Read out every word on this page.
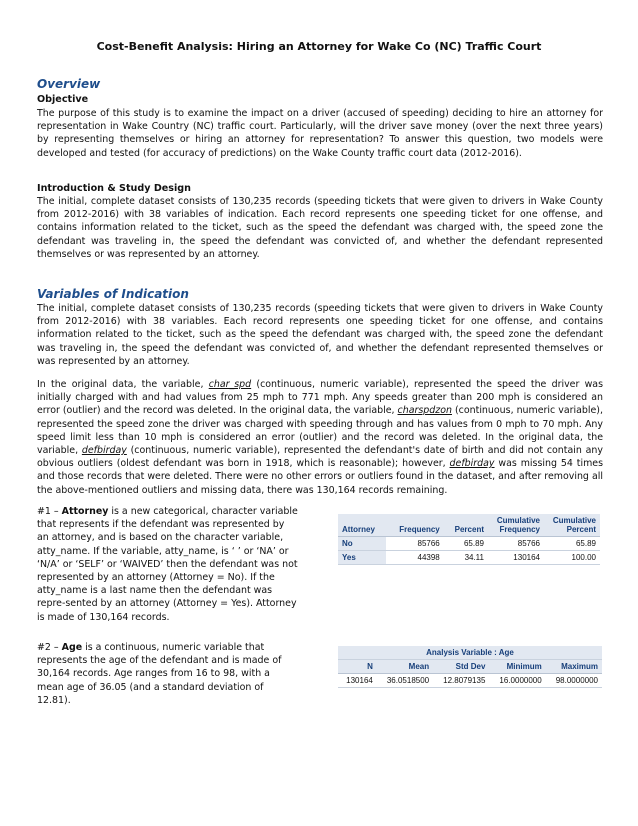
Cost-Benefit Analysis: Hiring an Attorney for Wake Co (NC) Traffic Court
Overview
Objective

The purpose of this study is to examine the impact on a driver (accused of speeding) deciding to hire an attorney for representation in Wake Country (NC) traffic court. Particularly, will the driver save money (over the next three years) by representing themselves or hiring an attorney for representation? To answer this question, two models were developed and tested (for accuracy of predictions) on the Wake County traffic court data (2012-2016).

Introduction & Study Design

The initial, complete dataset consists of 130,235 records (speeding tickets that were given to drivers in Wake County from 2012-2016) with 38 variables of indication. Each record represents one speeding ticket for one offense, and contains information related to the ticket, such as the speed the defendant was charged with, the speed zone the defendant was traveling in, the speed the defendant was convicted of, and whether the defendant represented themselves or was represented by an attorney.

Variables of Indication

The initial, complete dataset consists of 130,235 records (speeding tickets that were given to drivers in Wake County from 2012-2016) with 38 variables. Each record represents one speeding ticket for one offense, and contains information related to the ticket, such as the speed the defendant was charged with, the speed zone the defendant was traveling in, the speed the defendant was convicted of, and whether the defendant represented themselves or was represented by an attorney.

In the original data, the variable, char_spd (continuous, numeric variable), represented the speed the driver was initially charged with and had values from 25 mph to 771 mph. Any speeds greater than 200 mph is considered an error (outlier) and the record was deleted. In the original data, the variable, charspdzon (continuous, numeric variable), represented the speed zone the driver was charged with speeding through and has values from 0 mph to 70 mph. Any speed limit less than 10 mph is considered an error (outlier) and the record was deleted. In the original data, the variable, defbirday (continuous, numeric variable), represented the defendant's date of birth and did not contain any obvious outliers (oldest defendant was born in 1918, which is reasonable); however, defbirday was missing 54 times and those records that were deleted. There were no other errors or outliers found in the dataset, and after removing all the above-mentioned outliers and missing data, there was 130,164 records remaining.

#1 – Attorney is a new categorical, character variable that represents if the defendant was represented by an attorney, and is based on the character variable, atty_name. If the variable, atty_name, is ‘ ’ or ‘NA’ or ‘N/A’ or ‘SELF’ or ‘WAIVED’ then the defendant was not represented by an attorney (Attorney = No). If the atty_name is a last name then the defendant was repre-sented by an attorney (Attorney = Yes). Attorney is made of 130,164 records.

Attorney	Frequency	Percent	Cumulative Frequency	Cumulative Percent
No	85766	65.89	85766	65.89
Yes	44398	34.11	130164	100.00

#2 – Age is a continuous, numeric variable that represents the age of the defendant and is made of 30,164 records. Age ranges from 16 to 98, with a mean age of 36.05 (and a standard deviation of 12.81).

Analysis Variable : Age				
N	Mean	Std Dev	Minimum	Maximum
130164	36.0518500	12.8079135	16.0000000	98.0000000
